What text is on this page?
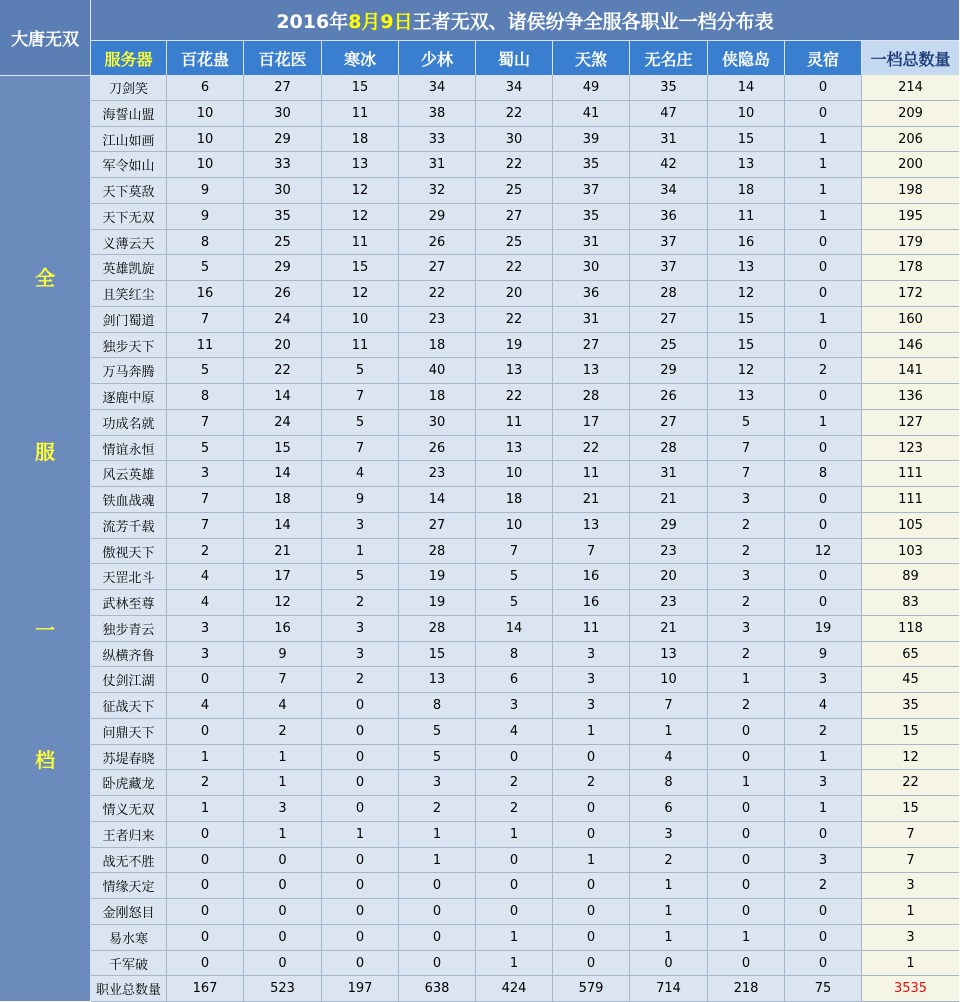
大唐无双
2016年 8月9日 王者无双、诸侯纷争全服各职业一档分布表
服务器	百花蛊	百花医	寒冰	少林	蜀山	天煞	无名庄	侠隐岛	灵宿	一档总数量
刀剑笑	6	27	15	34	34	49	35	14	0	214
海誓山盟	10	30	11	38	22	41	47	10	0	209
江山如画	10	29	18	33	30	39	31	15	1	206
军令如山	10	33	13	31	22	35	42	13	1	200
天下莫敌	9	30	12	32	25	37	34	18	1	198
天下无双	9	35	12	29	27	35	36	11	1	195
义薄云天	8	25	11	26	25	31	37	16	0	179
英雄凯旋	5	29	15	27	22	30	37	13	0	178
且笑红尘	16	26	12	22	20	36	28	12	0	172
剑门蜀道	7	24	10	23	22	31	27	15	1	160
独步天下	11	20	11	18	19	27	25	15	0	146
万马奔腾	5	22	5	40	13	13	29	12	2	141
逐鹿中原	8	14	7	18	22	28	26	13	0	136
功成名就	7	24	5	30	11	17	27	5	1	127
情谊永恒	5	15	7	26	13	22	28	7	0	123
风云英雄	3	14	4	23	10	11	31	7	8	111
铁血战魂	7	18	9	14	18	21	21	3	0	111
流芳千载	7	14	3	27	10	13	29	2	0	105
傲视天下	2	21	1	28	7	7	23	2	12	103
天罡北斗	4	17	5	19	5	16	20	3	0	89
武林至尊	4	12	2	19	5	16	23	2	0	83
独步青云	3	16	3	28	14	11	21	3	19	118
纵横齐鲁	3	9	3	15	8	3	13	2	9	65
仗剑江湖	0	7	2	13	6	3	10	1	3	45
征战天下	4	4	0	8	3	3	7	2	4	35
问鼎天下	0	2	0	5	4	1	1	0	2	15
苏堤春晓	1	1	0	5	0	0	4	0	1	12
卧虎藏龙	2	1	0	3	2	2	8	1	3	22
情义无双	1	3	0	2	2	0	6	0	1	15
王者归来	0	1	1	1	1	0	3	0	0	7
战无不胜	0	0	0	1	0	1	2	0	3	7
情缘天定	0	0	0	0	0	0	1	0	2	3
金刚怒目	0	0	0	0	0	0	1	0	0	1
易水寒	0	0	0	0	1	0	1	1	0	3
千军破	0	0	0	0	1	0	0	0	0	1
职业总数量	167	523	197	638	424	579	714	218	75	3535
全
服
一
档
